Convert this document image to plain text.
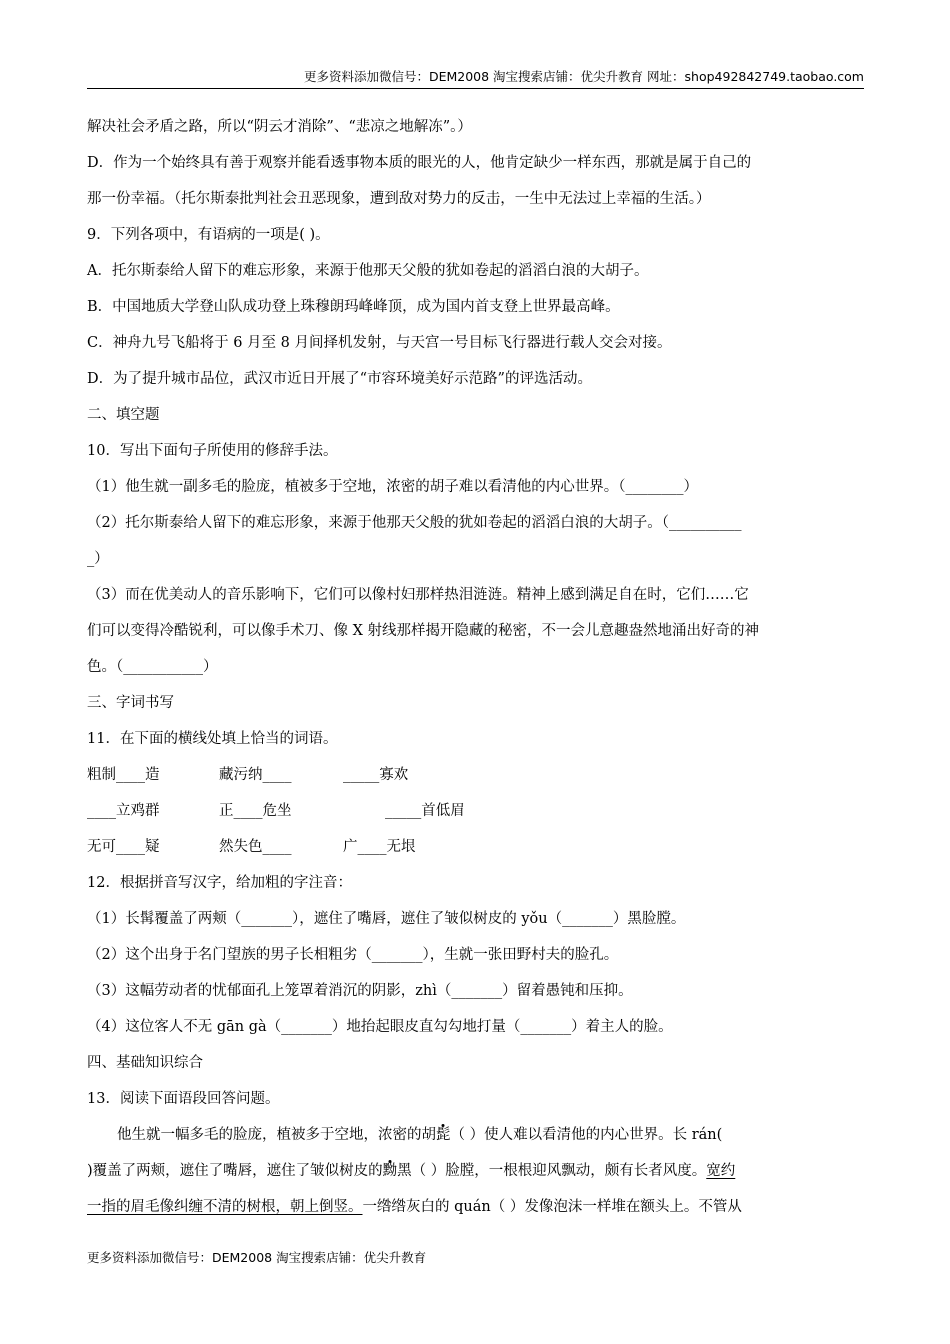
更多资料添加微信号：DEM2008 淘宝搜索店铺：优尖升教育 网址：shop492842749.taobao.com
解决社会矛盾之路，所以“阴云才消除”、“悲凉之地解冻”。）
D．作为一个始终具有善于观察并能看透事物本质的眼光的人，他肯定缺少一样东西，那就是属于自己的
那一份幸福。（托尔斯泰批判社会丑恶现象，遭到敌对势力的反击，一生中无法过上幸福的生活。）
9．下列各项中，有语病的一项是( )。
A．托尔斯泰给人留下的难忘形象，来源于他那天父般的犹如卷起的滔滔白浪的大胡子。
B．中国地质大学登山队成功登上珠穆朗玛峰峰顶，成为国内首支登上世界最高峰。
C．神舟九号飞船将于 6 月至 8 月间择机发射，与天宫一号目标飞行器进行载人交会对接。
D．为了提升城市品位，武汉市近日开展了“市容环境美好示范路”的评选活动。
二、填空题
10．写出下面句子所使用的修辞手法。
（1）他生就一副多毛的脸庞，植被多于空地，浓密的胡子难以看清他的内心世界。（________）
（2）托尔斯泰给人留下的难忘形象，来源于他那天父般的犹如卷起的滔滔白浪的大胡子。（__________
_）
（3）而在优美动人的音乐影响下，它们可以像村妇那样热泪涟涟。精神上感到满足自在时，它们……它
们可以变得冷酷锐利，可以像手术刀、像 X 射线那样揭开隐藏的秘密，不一会儿意趣盎然地涌出好奇的神
色。（___________）
三、字词书写
11．在下面的横线处填上恰当的词语。
粗制____造	藏污纳____	_____寡欢
____立鸡群	正____危坐	_____首低眉
无可____疑	然失色____	广____无垠
12．根据拼音写汉字，给加粗的字注音：
（1）长髯覆盖了两颊（_______），遮住了嘴唇，遮住了皱似树皮的 yǒu（_______）黑脸膛。
（2）这个出身于名门望族的男子长相粗劣（_______），生就一张田野村夫的脸孔。
（3）这幅劳动者的忧郁面孔上笼罩着消沉的阴影，zhì（_______）留着愚钝和压抑。
（4）这位客人不无 gān gà（_______）地抬起眼皮直勾勾地打量（_______）着主人的脸。
四、基础知识综合
13．阅读下面语段回答问题。
他生就一幅多毛的脸庞，植被多于空地，浓密的胡髭（ ）使人难以看清他的内心世界。长 rán(
)覆盖了两颊，遮住了嘴唇，遮住了皱似树皮的黝黑（ ）脸膛，一根根迎风飘动，颇有长者风度。宽约
一指的眉毛像纠缠不清的树根，朝上倒竖。一绺绺灰白的 quán（ ）发像泡沫一样堆在额头上。不管从
更多资料添加微信号：DEM2008 淘宝搜索店铺：优尖升教育
